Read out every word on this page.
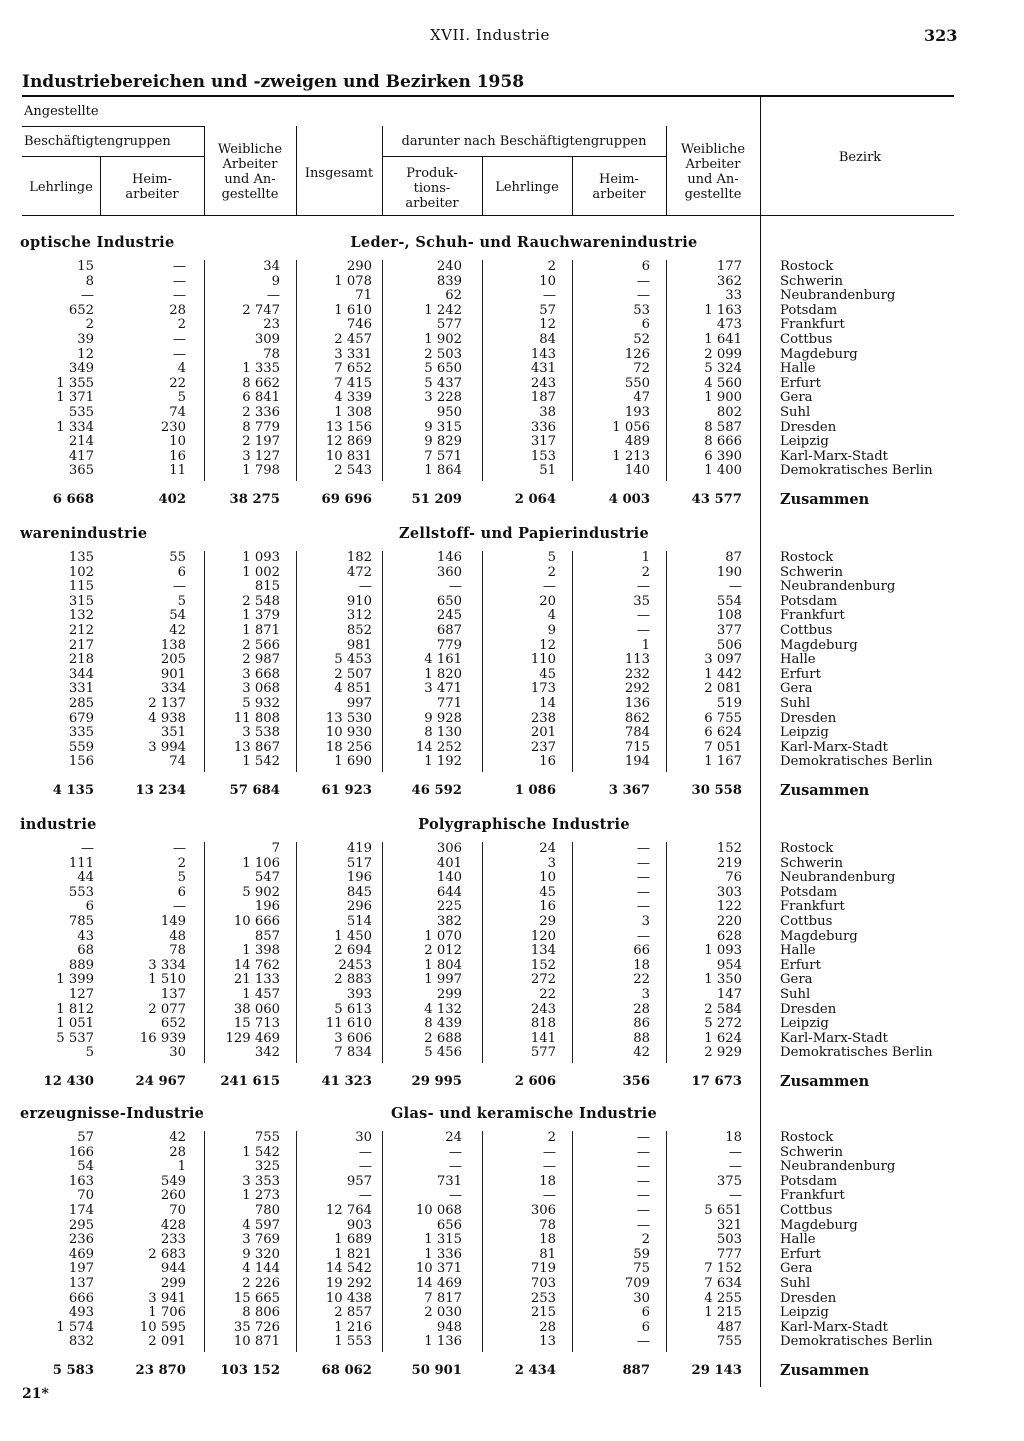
XVII. Industrie	323
Industriebereichen und -zweigen und Bezirken 1958
Angestellte
Beschäftigtengruppen
Lehrlinge
Heim-
arbeiter
Weibliche
Arbeiter
und An-
gestellte
Insgesamt
darunter nach Beschäftigtengruppen
Produk-
tions-
arbeiter
Lehrlinge
Heim-
arbeiter
Weibliche
Arbeiter
und An-
gestellte
Bezirk
optische Industrie	Leder-, Schuh- und Rauchwarenindustrie
15	—	34	290	240	2	6	177	Rostock
8	—	9	1 078	839	10	—	362	Schwerin
—	—	—	71	62	—	—	33	Neubrandenburg
652	28	2 747	1 610	1 242	57	53	1 163	Potsdam
2	2	23	746	577	12	6	473	Frankfurt
39	—	309	2 457	1 902	84	52	1 641	Cottbus
12	—	78	3 331	2 503	143	126	2 099	Magdeburg
349	4	1 335	7 652	5 650	431	72	5 324	Halle
1 355	22	8 662	7 415	5 437	243	550	4 560	Erfurt
1 371	5	6 841	4 339	3 228	187	47	1 900	Gera
535	74	2 336	1 308	950	38	193	802	Suhl
1 334	230	8 779	13 156	9 315	336	1 056	8 587	Dresden
214	10	2 197	12 869	9 829	317	489	8 666	Leipzig
417	16	3 127	10 831	7 571	153	1 213	6 390	Karl-Marx-Stadt
365	11	1 798	2 543	1 864	51	140	1 400	Demokratisches Berlin
6 668	402	38 275	69 696	51 209	2 064	4 003	43 577	Zusammen
warenindustrie	Zellstoff- und Papierindustrie
135	55	1 093	182	146	5	1	87	Rostock
102	6	1 002	472	360	2	2	190	Schwerin
115	—	815	—	—	—	—	—	Neubrandenburg
315	5	2 548	910	650	20	35	554	Potsdam
132	54	1 379	312	245	4	—	108	Frankfurt
212	42	1 871	852	687	9	—	377	Cottbus
217	138	2 566	981	779	12	1	506	Magdeburg
218	205	2 987	5 453	4 161	110	113	3 097	Halle
344	901	3 668	2 507	1 820	45	232	1 442	Erfurt
331	334	3 068	4 851	3 471	173	292	2 081	Gera
285	2 137	5 932	997	771	14	136	519	Suhl
679	4 938	11 808	13 530	9 928	238	862	6 755	Dresden
335	351	3 538	10 930	8 130	201	784	6 624	Leipzig
559	3 994	13 867	18 256	14 252	237	715	7 051	Karl-Marx-Stadt
156	74	1 542	1 690	1 192	16	194	1 167	Demokratisches Berlin
4 135	13 234	57 684	61 923	46 592	1 086	3 367	30 558	Zusammen
industrie	Polygraphische Industrie
—	—	7	419	306	24	—	152	Rostock
111	2	1 106	517	401	3	—	219	Schwerin
44	5	547	196	140	10	—	76	Neubrandenburg
553	6	5 902	845	644	45	—	303	Potsdam
6	—	196	296	225	16	—	122	Frankfurt
785	149	10 666	514	382	29	3	220	Cottbus
43	48	857	1 450	1 070	120	—	628	Magdeburg
68	78	1 398	2 694	2 012	134	66	1 093	Halle
889	3 334	14 762	2453	1 804	152	18	954	Erfurt
1 399	1 510	21 133	2 883	1 997	272	22	1 350	Gera
127	137	1 457	393	299	22	3	147	Suhl
1 812	2 077	38 060	5 613	4 132	243	28	2 584	Dresden
1 051	652	15 713	11 610	8 439	818	86	5 272	Leipzig
5 537	16 939	129 469	3 606	2 688	141	88	1 624	Karl-Marx-Stadt
5	30	342	7 834	5 456	577	42	2 929	Demokratisches Berlin
12 430	24 967	241 615	41 323	29 995	2 606	356	17 673	Zusammen
erzeugnisse-Industrie	Glas- und keramische Industrie
57	42	755	30	24	2	—	18	Rostock
166	28	1 542	—	—	—	—	—	Schwerin
54	1	325	—	—	—	—	—	Neubrandenburg
163	549	3 353	957	731	18	—	375	Potsdam
70	260	1 273	—	—	—	—	—	Frankfurt
174	70	780	12 764	10 068	306	—	5 651	Cottbus
295	428	4 597	903	656	78	—	321	Magdeburg
236	233	3 769	1 689	1 315	18	2	503	Halle
469	2 683	9 320	1 821	1 336	81	59	777	Erfurt
197	944	4 144	14 542	10 371	719	75	7 152	Gera
137	299	2 226	19 292	14 469	703	709	7 634	Suhl
666	3 941	15 665	10 438	7 817	253	30	4 255	Dresden
493	1 706	8 806	2 857	2 030	215	6	1 215	Leipzig
1 574	10 595	35 726	1 216	948	28	6	487	Karl-Marx-Stadt
832	2 091	10 871	1 553	1 136	13	—	755	Demokratisches Berlin
5 583	23 870	103 152	68 062	50 901	2 434	887	29 143	Zusammen
21*
